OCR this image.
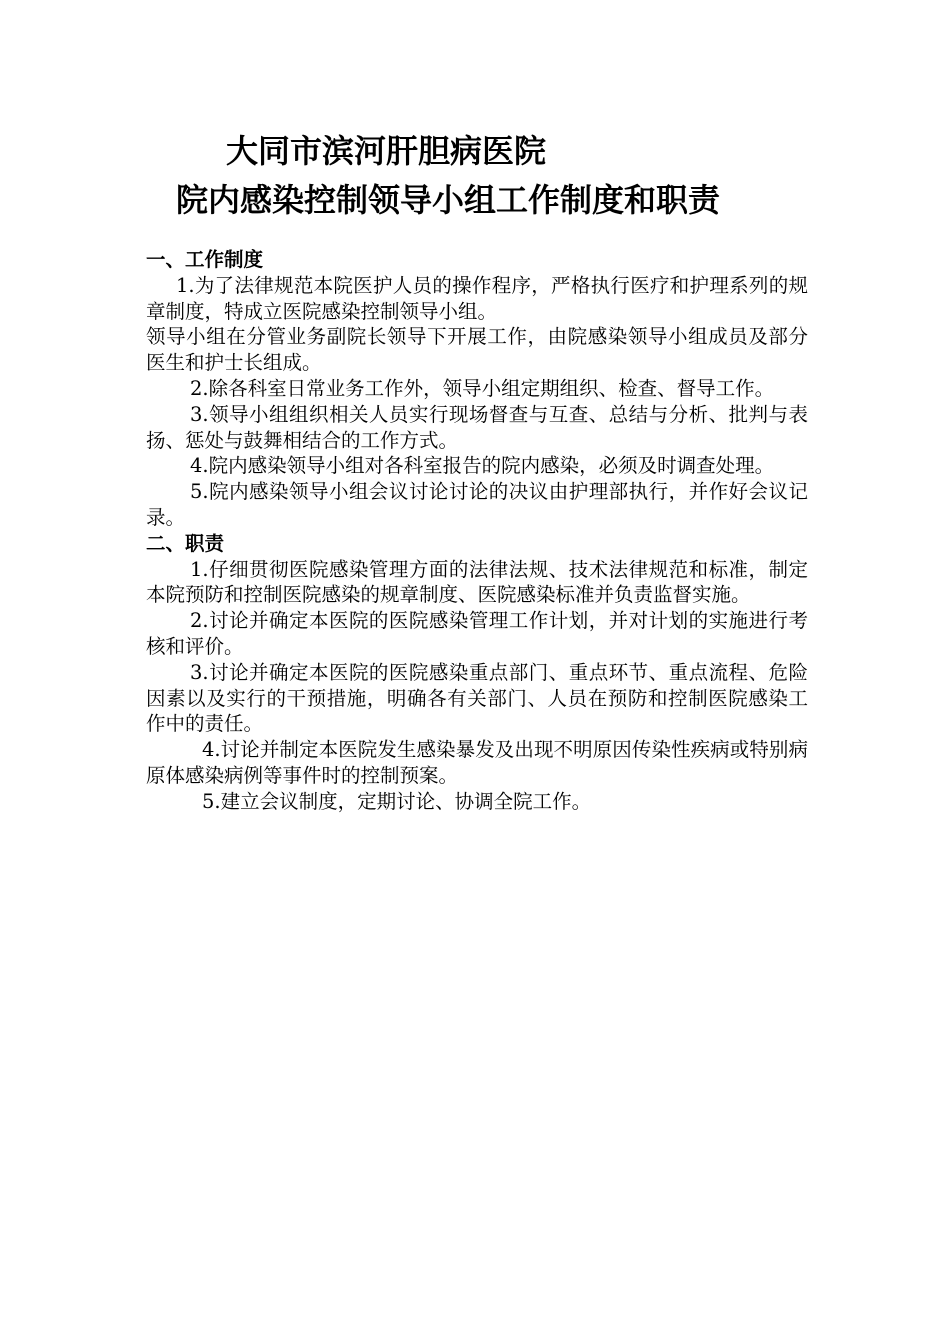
大同市滨河肝胆病医院
院内感染控制领导小组工作制度和职责

一、工作制度

1.为了法律规范本院医护人员的操作程序，严格执行医疗和护理系列的规章制度，特成立医院感染控制领导小组。

领导小组在分管业务副院长领导下开展工作，由院感染领导小组成员及部分医生和护士长组成。

2.除各科室日常业务工作外，领导小组定期组织、检查、督导工作。

3.领导小组组织相关人员实行现场督查与互查、总结与分析、批判与表扬、惩处与鼓舞相结合的工作方式。

4.院内感染领导小组对各科室报告的院内感染，必须及时调查处理。

5.院内感染领导小组会议讨论讨论的决议由护理部执行，并作好会议记录。

二、职责

1.仔细贯彻医院感染管理方面的法律法规、技术法律规范和标准，制定本院预防和控制医院感染的规章制度、医院感染标准并负责监督实施。

2.讨论并确定本医院的医院感染管理工作计划，并对计划的实施进行考核和评价。

3.讨论并确定本医院的医院感染重点部门、重点环节、重点流程、危险因素以及实行的干预措施，明确各有关部门、人员在预防和控制医院感染工作中的责任。

4.讨论并制定本医院发生感染暴发及出现不明原因传染性疾病或特别病原体感染病例等事件时的控制预案。

5.建立会议制度，定期讨论、协调全院工作。
